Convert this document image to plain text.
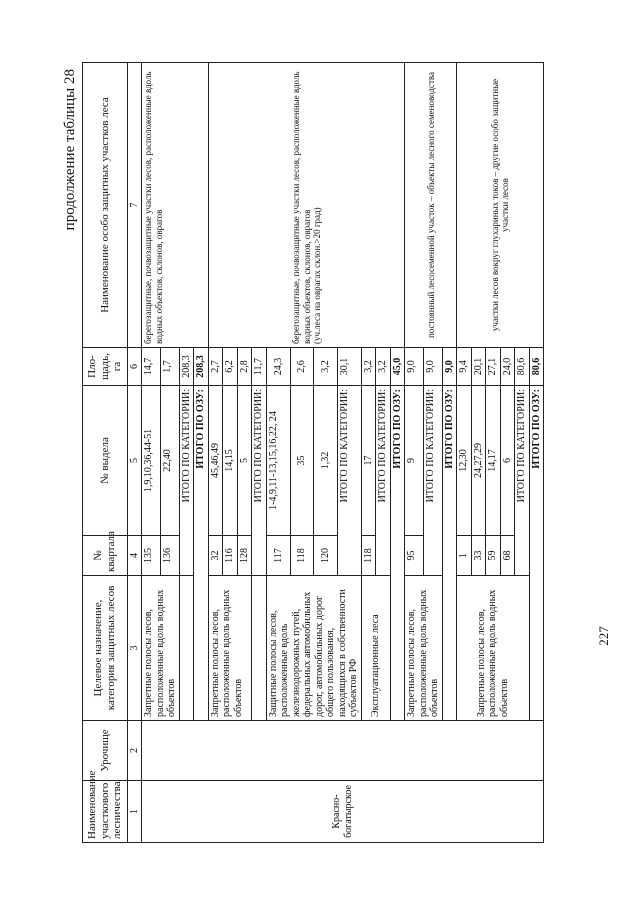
227
продолжение таблицы 28
Наименование участкового лесничества	Урочище	Целевое назначение, категория защитных лесов	№ квартала	№ выдела	Пло-щадь, га	Наименование особо защитных участков леса
1	2	3	4	5	6	7
Красно-богатырское		Запретные полосы лесов, расположенные вдоль водных объектов	135	1,9,10,36,44-51	14,7	берегозащитные, почвозащитные участки лесов, расположенные вдоль водных объектов, склонов, оврагов
			136	22,40	1,7	
			ИТОГО ПО КАТЕГОРИИ:		208,3	
		ИТОГО ПО ОЗУ:			208,3	
		Запретные полосы лесов, расположенные вдоль водных объектов	32	45,46,49	2,7	берегозащитные, почвозащитные участки лесов, расположенные вдоль водных объектов, склонов, оврагов
(уч.леса на оврагах склон.>20 град)
			116	14,15	6,2	
			128	5	2,8	
			ИТОГО ПО КАТЕГОРИИ:		11,7	
		Защитные полосы лесов, расположенные вдоль железнодорожных путей, федеральных автомобильных дорог, автомобильных дорог общего пользования, находящихся в собственности субъектов РФ	117	1-4,9,11-13,15,16,22, 24	24,3	
			118	35	2,6	
			120	1,32	3,2	
			ИТОГО ПО КАТЕГОРИИ:		30,1	
		Эксплуатационные леса	118	17	3,2	
			ИТОГО ПО КАТЕГОРИИ:		3,2	
		ИТОГО ПО ОЗУ:			45,0	
		Запретные полосы лесов, расположенные вдоль водных объектов	95	9	9,0	постоянный лесосеменной участок – объекты лесного семеноводства
			ИТОГО ПО КАТЕГОРИИ:		9,0	
		ИТОГО ПО ОЗУ:			9,0	
		Запретные полосы лесов, расположенные вдоль водных объектов	1	12,30	9,4	участки лесов вокруг глухариных токов – другие особо защитные участки лесов
			33	24,27,29	20,1	
			59	14,17	27,1	
			68	6	24,0	
			ИТОГО ПО КАТЕГОРИИ:		80,6	
		ИТОГО ПО ОЗУ:			80,6	
